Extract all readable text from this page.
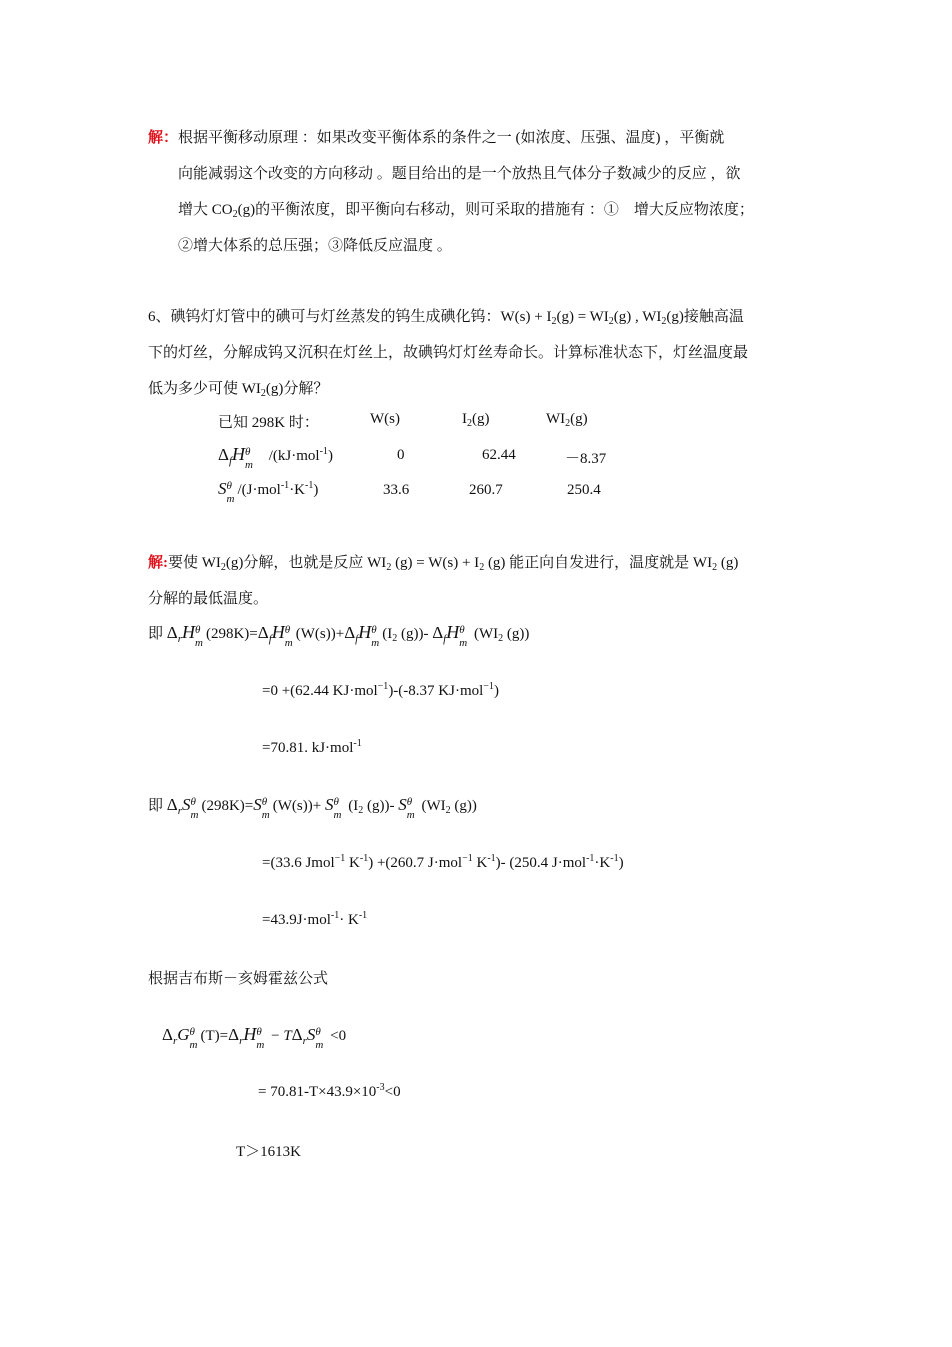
解：根据平衡移动原理 ：如果改变平衡体系的条件之一 (如浓度、压强、温度) ，平衡就
向能减弱这个改变的方向移动 。题目给出的是一个放热且气体分子数减少的反应 ，欲
增大 $CO_2(g)$的平衡浓度，即平衡向右移动，则可采取的措施有 ：①　增大反应物浓度；
②增大体系的总压强；③降低反应温度 。
6、碘钨灯灯管中的碘可与灯丝蒸发的钨生成碘化钨：$W(s) + I_2(g) = WI_2(g)$ , $WI_2(g)$接触高温
下的灯丝，分解成钨又沉积在灯丝上，故碘钨灯灯丝寿命长。计算标准状态下，灯丝温度最
低为多少可使 $WI_2(g)$分解？
已知 298K 时：	W(s)	$I_2(g)$	$WI_2(g)$
$\Delta_fH$ θ
m
/(kJ·mol$^{-1}$)	0	62.44	－8.37
S θ
m
$/(J\cdot mol^{-1}\cdot K^{-1})$	33.6	260.7	250.4
解:要使 $WI_2(g)$分解，也就是反应 $WI_2$ $(g) = W(s) + I_2$ (g) 能正向自发进行，温度就是 $WI_2$ (g)
分解的最低温度。
即 $\Delta_rH$ θ
m
$(298K)=\Delta_fH$ θ
m
$(W(s))+\Delta_fH$ θ
m
($I_2$ (g))- $\Delta_fH$ θ
m
($WI_2$ (g))
=0 +(62.44 KJ·mol$^{-1}$)-(-8.37 KJ·mol$^{-1}$)
=70.81. kJ·mol$^{-1}$
即 $\Delta_rS$ θ
m
(298K)=S θ
m
(W(s))+ S θ
m
($I_2$ (g))- S θ
m
($WI_2$ (g))
=(33.6 Jmol$^{-1}$ $K^{-1}) +(260.7$ J·mol$^{-1}$ $K^{-1})-$ (250.4 $J\cdot mol^{-1}\cdot K^{-1}$)
$=43.9J\cdot mol^{-1}\cdot K^{-1}$
根据吉布斯－亥姆霍兹公式
$\Delta_rG$ θ
m
$(T)=\Delta_rH$ θ
m
− $T\Delta_rS$ θ
m
<0
= $70.81-T\times 43.9\times 10^{-3}<0$
T＞1613K
